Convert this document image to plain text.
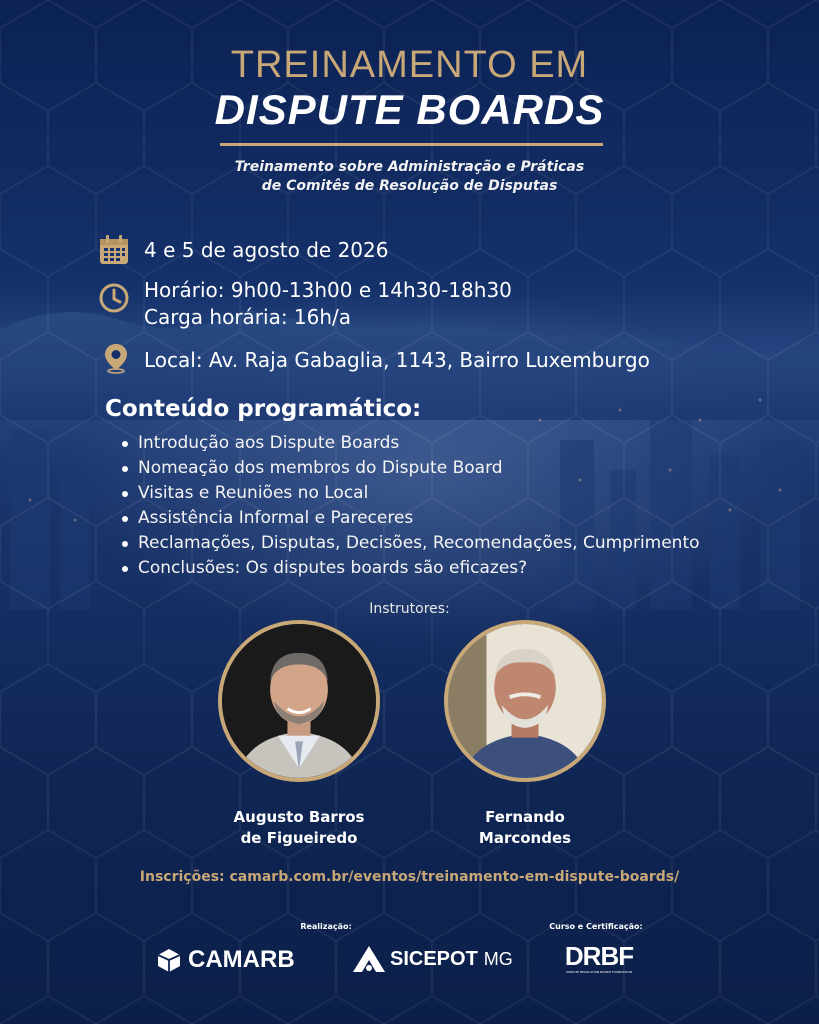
TREINAMENTO EM
DISPUTE BOARDS
Treinamento sobre Administração e Práticas
de Comitês de Resolução de Disputas
4 e 5 de agosto de 2026
Horário: 9h00-13h00 e 14h30-18h30
Carga horária: 16h/a
Local: Av. Raja Gabaglia, 1143, Bairro Luxemburgo
Conteúdo programático:
Introdução aos Dispute Boards
Nomeação dos membros do Dispute Board
Visitas e Reuniões no Local
Assistência Informal e Pareceres
Reclamações, Disputas, Decisões, Recomendações, Cumprimento
Conclusões: Os disputes boards são eficazes?
Instrutores:
Augusto Barros
de Figueiredo
Fernando
Marcondes
Inscrições: camarb.com.br/eventos/treinamento-em-dispute-boards/
Realização:	Curso e Certificação:
CAMARB	SICEPOT MG DRBF
DISPUTE RESOLUTION BOARD FOUNDATION
